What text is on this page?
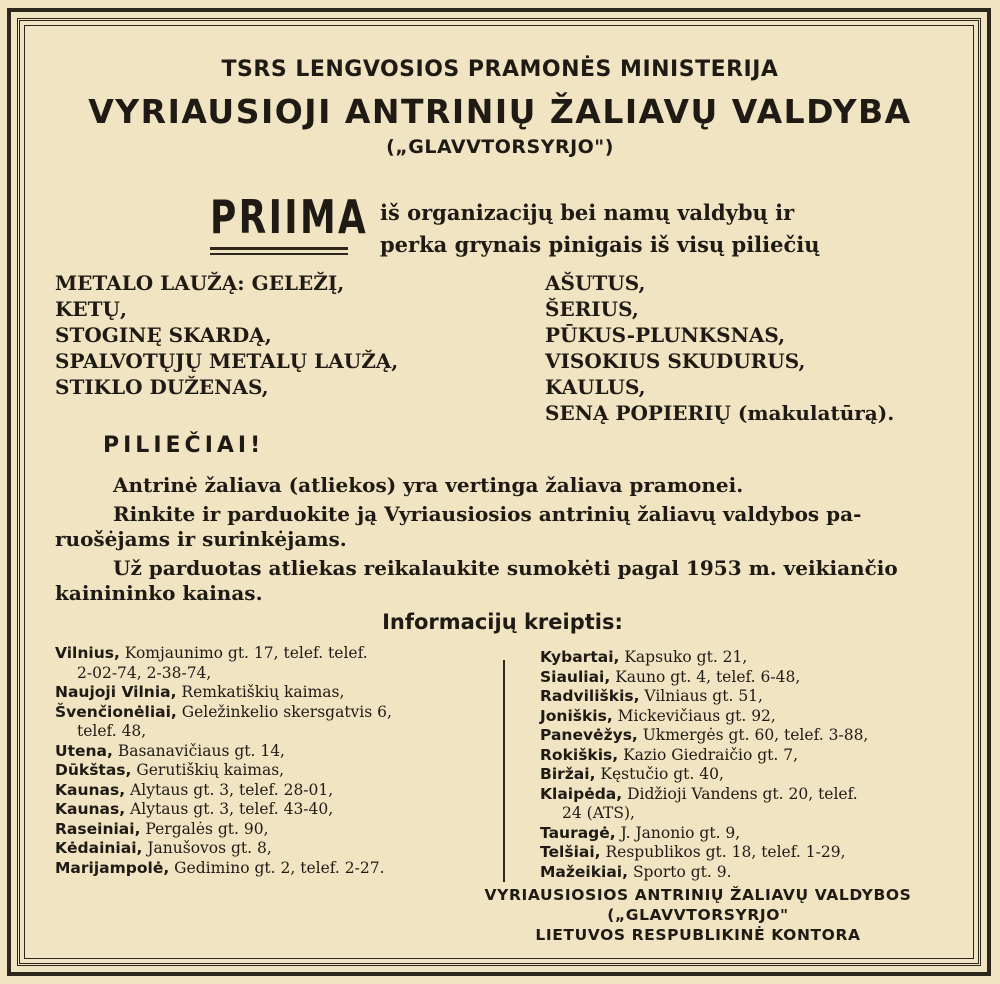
TSRS LENGVOSIOS PRAMONĖS MINISTERIJA
VYRIAUSIOJI ANTRINIŲ ŽALIAVŲ VALDYBA
(„GLAVVTORSYRJO")
PRIIMA iš organizacijų bei namų valdybų ir
perka grynais pinigais iš visų piliečių
METALO LAUŽĄ: GELEŽĮ,
KETŲ,
STOGINĘ SKARDĄ,
SPALVOTŲJŲ METALŲ LAUŽĄ,
STIKLO DUŽENAS,
AŠUTUS,
ŠERIUS,
PŪKUS-PLUNKSNAS,
VISOKIUS SKUDURUS,
KAULUS,
SENĄ POPIERIŲ (makulatūrą).
PILIEČIAI!
Antrinė žaliava (atliekos) yra vertinga žaliava pramonei.
Rinkite ir parduokite ją Vyriausiosios antrinių žaliavų valdybos pa-
ruošėjams ir surinkėjams.
Už parduotas atliekas reikalaukite sumokėti pagal 1953 m. veikiančio
kainininko kainas.
Informacijų kreiptis:
Vilnius, Komjaunimo gt. 17, telef. telef.
2-02-74, 2-38-74,
Naujoji Vilnia, Remkatiškių kaimas,
Švenčionėliai, Geležinkelio skersgatvis 6,
telef. 48,
Utena, Basanavičiaus gt. 14,
Dūkštas, Gerutiškių kaimas,
Kaunas, Alytaus gt. 3, telef. 28-01,
Kaunas, Alytaus gt. 3, telef. 43-40,
Raseiniai, Pergalės gt. 90,
Kėdainiai, Janušovos gt. 8,
Marijampolė, Gedimino gt. 2, telef. 2-27.
Kybartai, Kapsuko gt. 21,
Siauliai, Kauno gt. 4, telef. 6-48,
Radviliškis, Vilniaus gt. 51,
Joniškis, Mickevičiaus gt. 92,
Panevėžys, Ukmergės gt. 60, telef. 3-88,
Rokiškis, Kazio Giedraičio gt. 7,
Biržai, Kęstučio gt. 40,
Klaipėda, Didžioji Vandens gt. 20, telef.
24 (ATS),
Tauragė, J. Janonio gt. 9,
Telšiai, Respublikos gt. 18, telef. 1-29,
Mažeikiai, Sporto gt. 9.
VYRIAUSIOSIOS ANTRINIŲ ŽALIAVŲ VALDYBOS
(„GLAVVTORSYRJO"
LIETUVOS RESPUBLIKINĖ KONTORA
